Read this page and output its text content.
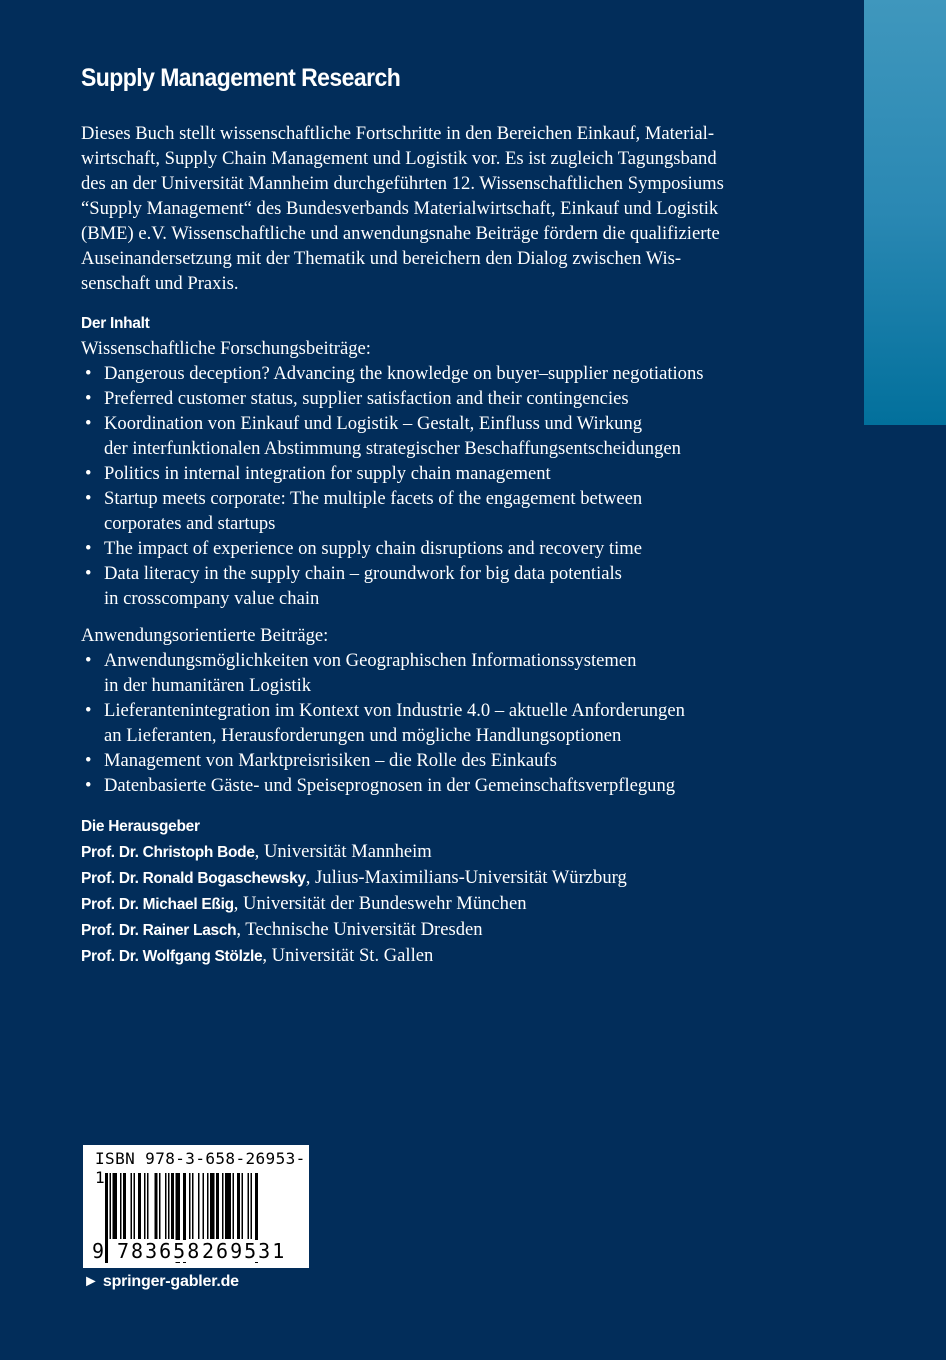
Supply Management Research
Dieses Buch stellt wissenschaftliche Fortschritte in den Bereichen Einkauf, Material-
wirtschaft, Supply Chain Management und Logistik vor. Es ist zugleich Tagungsband
des an der Universität Mannheim durchgeführten 12. Wissenschaftlichen Symposiums
“Supply Management“ des Bundesverbands Materialwirtschaft, Einkauf und Logistik
(BME) e.V. Wissenschaftliche und anwendungsnahe Beiträge fördern die qualifizierte
Auseinandersetzung mit der Thematik und bereichern den Dialog zwischen Wis-
senschaft und Praxis.
Der Inhalt
Wissenschaftliche Forschungsbeiträge:
• Dangerous deception? Advancing the knowledge on buyer–supplier negotiations
• Preferred customer status, supplier satisfaction and their contingencies
• Koordination von Einkauf und Logistik – Gestalt, Einfluss und Wirkung
der interfunktionalen Abstimmung strategischer Beschaffungsentscheidungen
• Politics in internal integration for supply chain management
• Startup meets corporate: The multiple facets of the engagement between
corporates and startups
• The impact of experience on supply chain disruptions and recovery time
• Data literacy in the supply chain – groundwork for big data potentials
in crosscompany value chain
Anwendungsorientierte Beiträge:
• Anwendungsmöglichkeiten von Geographischen Informationssystemen
in der humanitären Logistik
• Lieferantenintegration im Kontext von Industrie 4.0 – aktuelle Anforderungen
an Lieferanten, Herausforderungen und mögliche Handlungsoptionen
• Management von Marktpreisrisiken – die Rolle des Einkaufs
• Datenbasierte Gäste- und Speiseprognosen in der Gemeinschaftsverpflegung
Die Herausgeber
Prof. Dr. Christoph Bode, Universität Mannheim
Prof. Dr. Ronald Bogaschewsky, Julius-Maximilians-Universität Würzburg
Prof. Dr. Michael Eßig, Universität der Bundeswehr München
Prof. Dr. Rainer Lasch, Technische Universität Dresden
Prof. Dr. Wolfgang Stölzle, Universität St. Gallen
ISBN 978-3-658-26953-1
9 783658 269531
► springer-gabler.de
